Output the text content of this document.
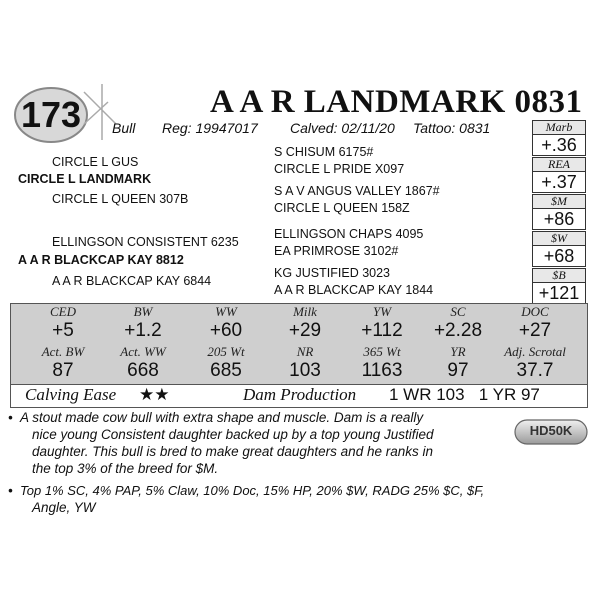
173	A A R LANDMARK 0831
Bull Reg: 19947017 Calved: 02/11/20 Tattoo: 0831
CIRCLE L GUS
CIRCLE L LANDMARK
CIRCLE L QUEEN 307B
S CHISUM 6175#
CIRCLE L PRIDE X097
S A V ANGUS VALLEY 1867#
CIRCLE L QUEEN 158Z
ELLINGSON CONSISTENT 6235
A A R BLACKCAP KAY 8812
A A R BLACKCAP KAY 6844
ELLINGSON CHAPS 4095
EA PRIMROSE 3102#
KG JUSTIFIED 3023
A A R BLACKCAP KAY 1844
Marb
+.36
REA
+.37
$M
+86
$W
+68
$B
+121
CED
+5
BW
+1.2
WW
+60
Milk
+29
YW
+112
SC
+2.28
DOC
+27
Act. BW
87
Act. WW
668
205 Wt
685
NR
103
365 Wt
1163
YR
97
Adj. Scrotal
37.7
Calving Ease ★★	Dam Production 1 WR 103   1 YR 97
• A stout made cow bull with extra shape and muscle. Dam is a really
nice young Consistent daughter backed up by a top young Justified
daughter. This bull is bred to make great daughters and he ranks in
the top 3% of the breed for $M.
• Top 1% SC, 4% PAP, 5% Claw, 10% Doc, 15% HP, 20% $W, RADG 25% $C, $F,
Angle, YW
HD50K
